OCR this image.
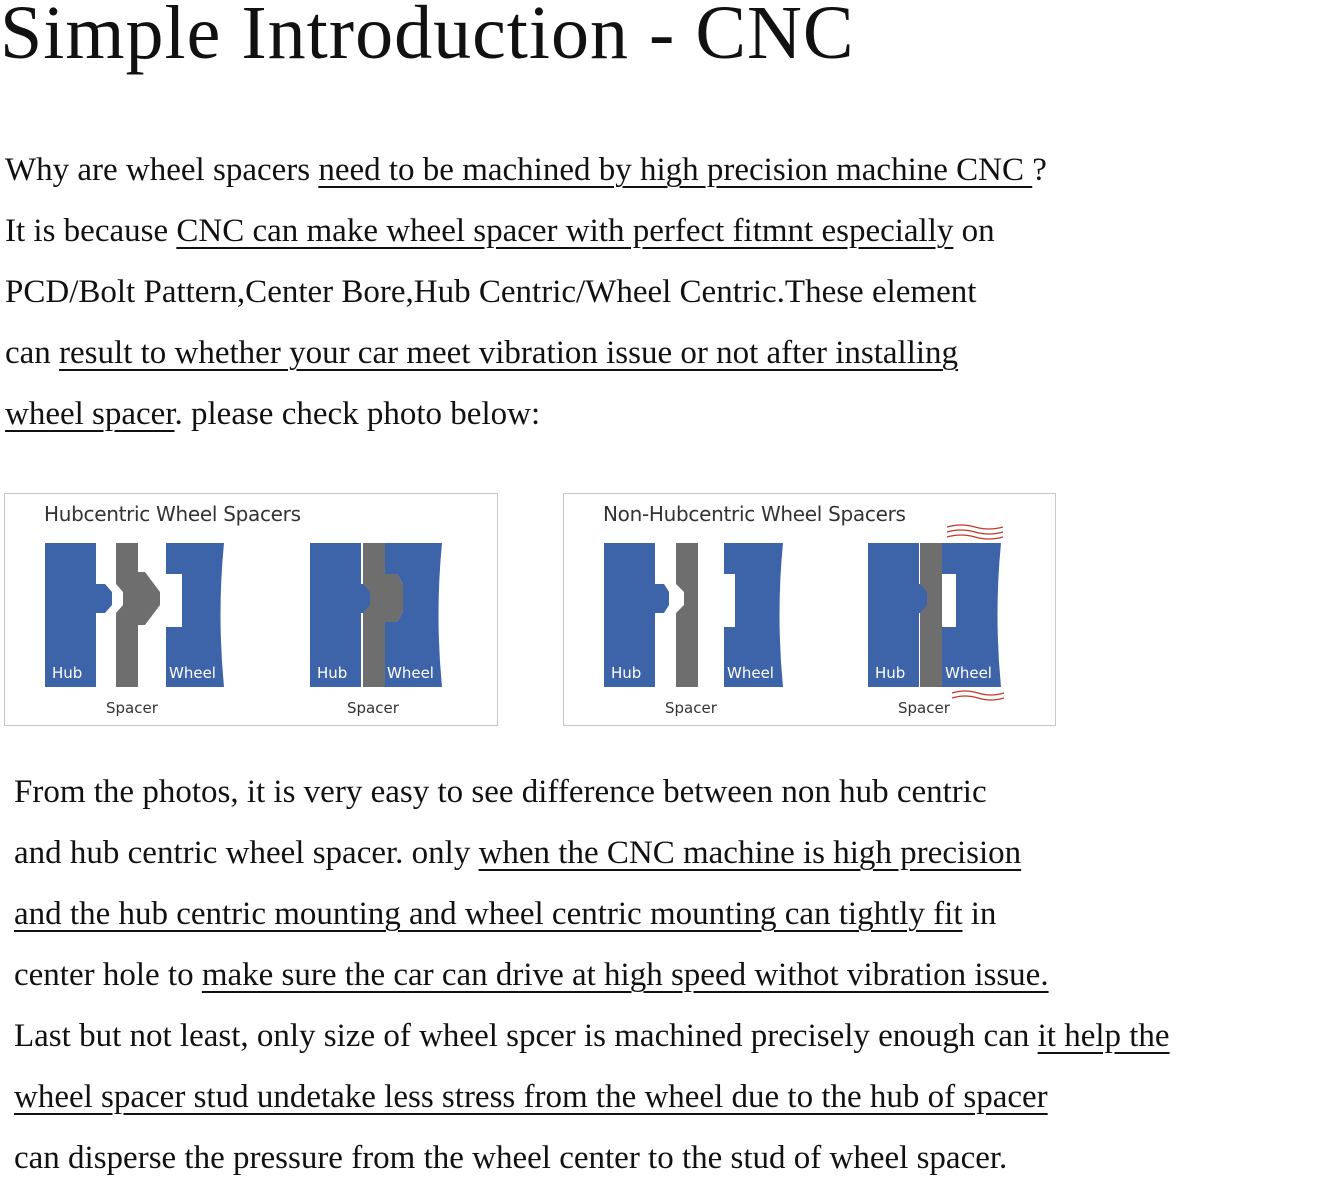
Simple Introduction - CNC
Why are wheel spacers need to be machined by high precision machine CNC ?
It is because CNC can make wheel spacer with perfect fitmnt especially on
PCD/Bolt Pattern,Center Bore,Hub Centric/Wheel Centric.These element
can result to whether your car meet vibration issue or not after installing
wheel spacer. please check photo below:
Hubcentric Wheel Spacers
Hub	Wheel
Spacer
Hub	Wheel
Spacer
Non-Hubcentric Wheel Spacers
Hub	Wheel
Spacer
Hub	Wheel
Spacer
From the photos, it is very easy to see difference between non hub centric
and hub centric wheel spacer. only when the CNC machine is high precision
and the hub centric mounting and wheel centric mounting can tightly fit in
center hole to make sure the car can drive at high speed withot vibration issue.
Last but not least, only size of wheel spcer is machined precisely enough can it help the
wheel spacer stud undetake less stress from the wheel due to the hub of spacer
can disperse the pressure from the wheel center to the stud of wheel spacer.
